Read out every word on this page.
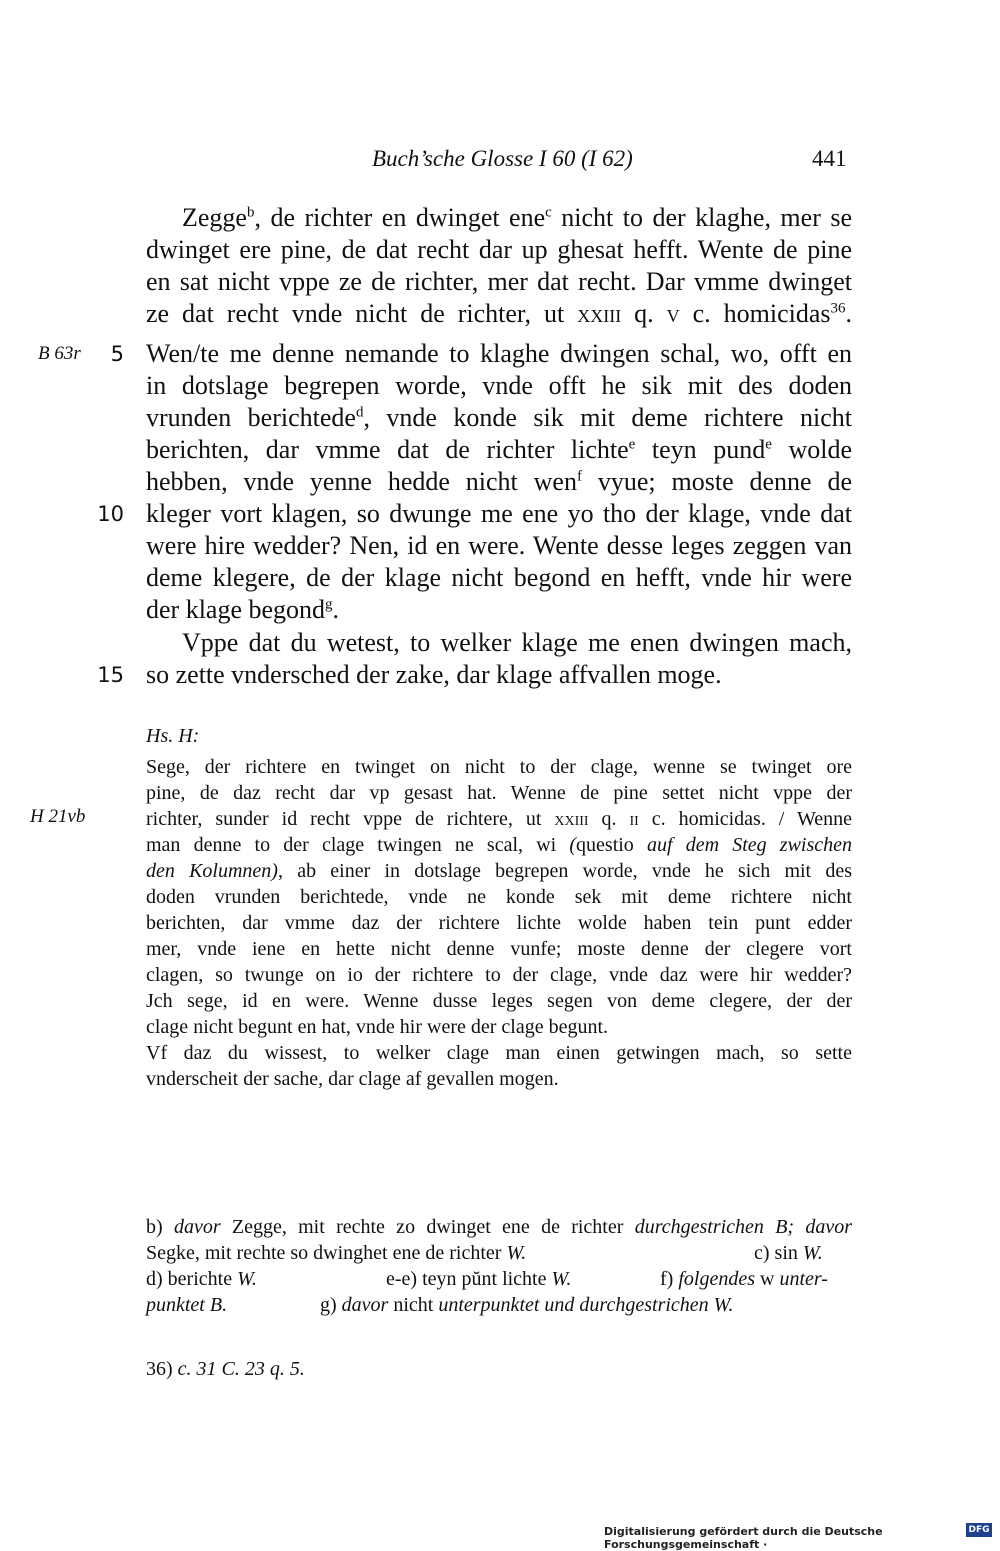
Buch’sche Glosse I 60 (I 62)	441
B 63r	5
10
15
Zegge$^b$, de richter en dwinget ene$^c$ nicht to der klaghe, mer se
dwinget ere pine, de dat recht dar up ghesat hefft. Wente de pine
en sat nicht vppe ze de richter, mer dat recht. Dar vmme dwinget
ze dat recht vnde nicht de richter, ut xxiii q. v c. homicidas$^{36}$.
Wen/te me denne nemande to klaghe dwingen schal, wo, offt en
in dotslage begrepen worde, vnde offt he sik mit des doden
vrunden berichtede$^d$, vnde konde sik mit deme richtere nicht
berichten, dar vmme dat de richter lichte$^e$ teyn pund$^e$ wolde
hebben, vnde yenne hedde nicht wen$^f$ vyue; moste denne de
kleger vort klagen, so dwunge me ene yo tho der klage, vnde dat
were hire wedder? Nen, id en were. Wente desse leges zeggen van
deme klegere, de der klage nicht begond en hefft, vnde hir were
der klage begond$^g$.
Vppe dat du wetest, to welker klage me enen dwingen mach,
so zette vndersched der zake, dar klage affvallen moge.
Hs. H:
H 21vb
Sege, der richtere en twinget on nicht to der clage, wenne se twinget ore
pine, de daz recht dar vp gesast hat. Wenne de pine settet nicht vppe der
richter, sunder id recht vppe de richtere, ut xxiii q. ii c. homicidas. / Wenne
man denne to der clage twingen ne scal, wi (questio auf dem Steg zwischen
den Kolumnen), ab einer in dotslage begrepen worde, vnde he sich mit des
doden vrunden berichtede, vnde ne konde sek mit deme richtere nicht
berichten, dar vmme daz der richtere lichte wolde haben tein punt edder
mer, vnde iene en hette nicht denne vunfe; moste denne der clegere vort
clagen, so twunge on io der richtere to der clage, vnde daz were hir wedder?
Jch sege, id en were. Wenne dusse leges segen von deme clegere, der der
clage nicht begunt en hat, vnde hir were der clage begunt.
Vf daz du wissest, to welker clage man einen getwingen mach, so sette
vnderscheit der sache, dar clage af gevallen mogen.
b) davor Zegge, mit rechte zo dwinget ene de richter durchgestrichen B; davor
Segke, mit rechte so dwinghet ene de richter W.	c) sin W.
d) berichte W.	e-e) teyn pŭnt lichte W.	f) folgendes w unter-
punktet B.	g) davor nicht unterpunktet und durchgestrichen W.
36) c. 31 C. 23 q. 5.
Digitalisierung gefördert durch die Deutsche Forschungsgemeinschaft ·
DFG
